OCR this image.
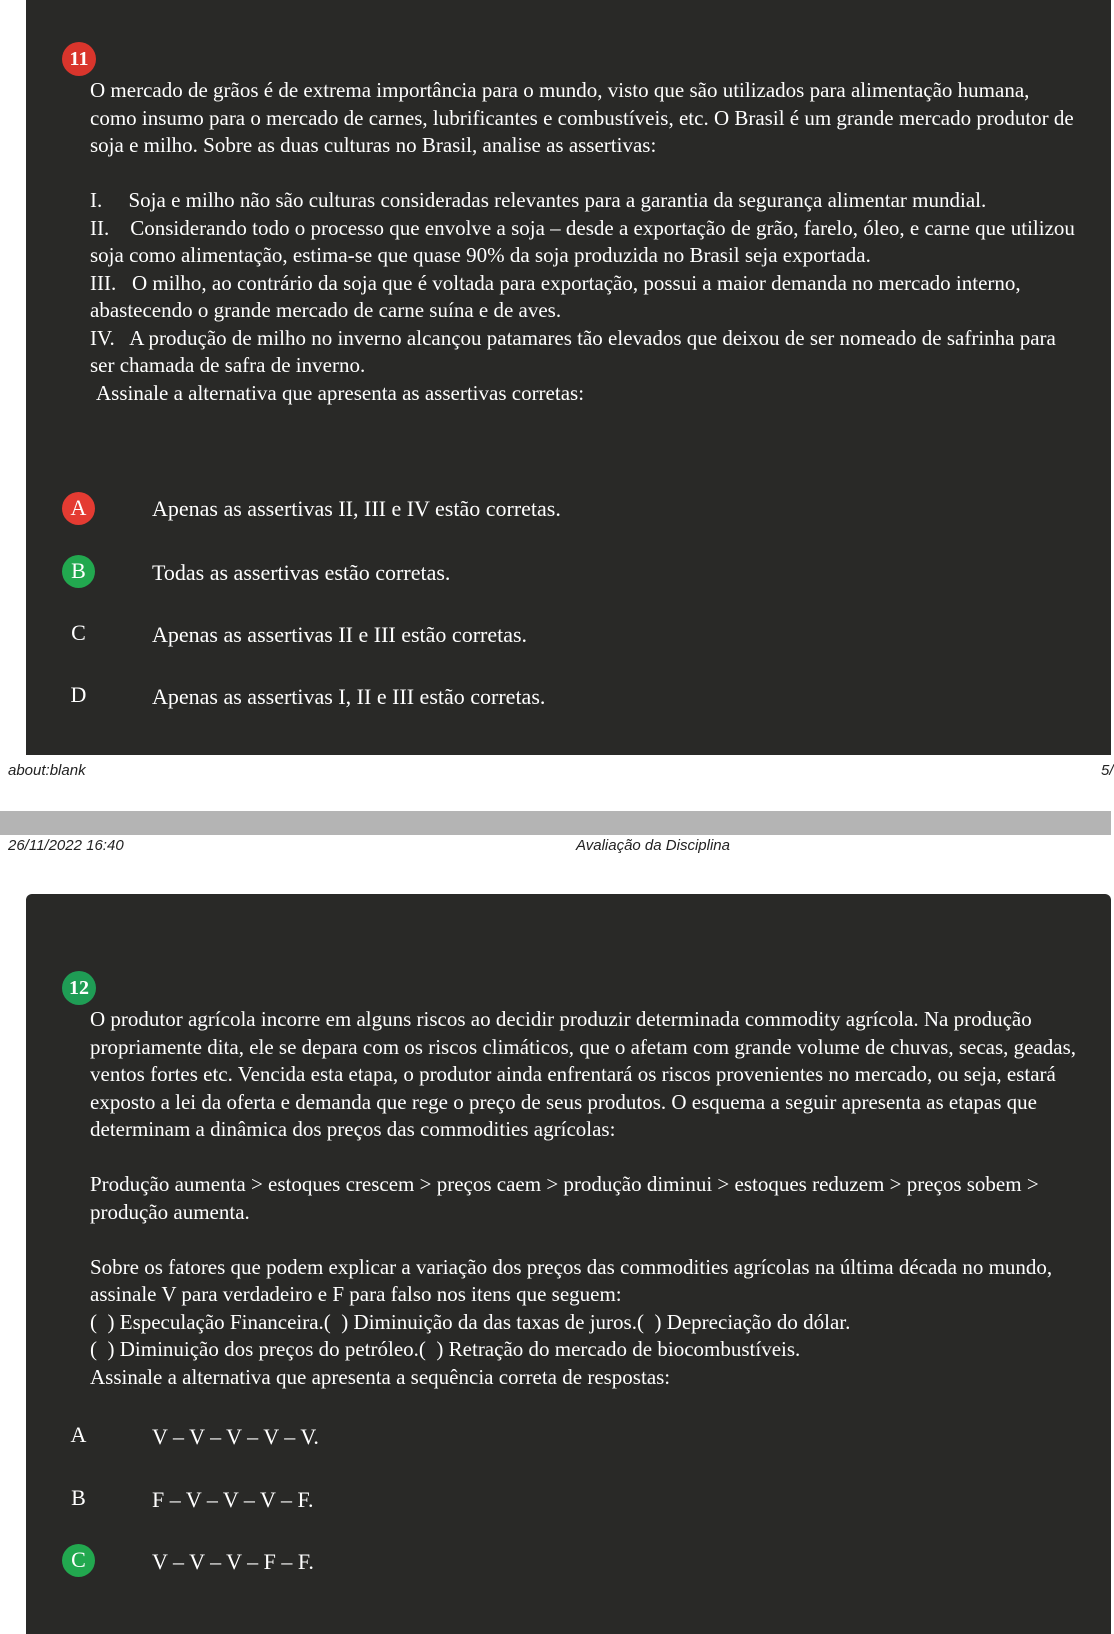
11

O mercado de grãos é de extrema importância para o mundo, visto que são utilizados para alimentação humana, como insumo para o mercado de carnes, lubrificantes e combustíveis, etc. O Brasil é um grande mercado produtor de soja e milho. Sobre as duas culturas no Brasil, analise as assertivas:

I.     Soja e milho não são culturas consideradas relevantes para a garantia da segurança alimentar mundial.

II.    Considerando todo o processo que envolve a soja – desde a exportação de grão, farelo, óleo, e carne que utilizou soja como alimentação, estima-se que quase 90% da soja produzida no Brasil seja exportada.

III.   O milho, ao contrário da soja que é voltada para exportação, possui a maior demanda no mercado interno, abastecendo o grande mercado de carne suína e de aves.

IV.   A produção de milho no inverno alcançou patamares tão elevados que deixou de ser nomeado de safrinha para ser chamada de safra de inverno.

Assinale a alternativa que apresenta as assertivas corretas:

A	Apenas as assertivas II, III e IV estão corretas.
B	Todas as assertivas estão corretas.
C	Apenas as assertivas II e III estão corretas.
D	Apenas as assertivas I, II e III estão corretas.
about:blank	5/
26/11/2022 16:40	Avaliação da Disciplina
12

O produtor agrícola incorre em alguns riscos ao decidir produzir determinada commodity agrícola. Na produção propriamente dita, ele se depara com os riscos climáticos, que o afetam com grande volume de chuvas, secas, geadas, ventos fortes etc. Vencida esta etapa, o produtor ainda enfrentará os riscos provenientes no mercado, ou seja, estará exposto a lei da oferta e demanda que rege o preço de seus produtos. O esquema a seguir apresenta as etapas que determinam a dinâmica dos preços das commodities agrícolas:

Produção aumenta > estoques crescem > preços caem > produção diminui > estoques reduzem > preços sobem > produção aumenta.

Sobre os fatores que podem explicar a variação dos preços das commodities agrícolas na última década no mundo, assinale V para verdadeiro e F para falso nos itens que seguem:

(  ) Especulação Financeira.(  ) Diminuição da das taxas de juros.(  ) Depreciação do dólar.

(  ) Diminuição dos preços do petróleo.(  ) Retração do mercado de biocombustíveis.

Assinale a alternativa que apresenta a sequência correta de respostas:

A	V – V – V – V – V.
B	F – V – V – V – F.
C	V – V – V – F – F.
